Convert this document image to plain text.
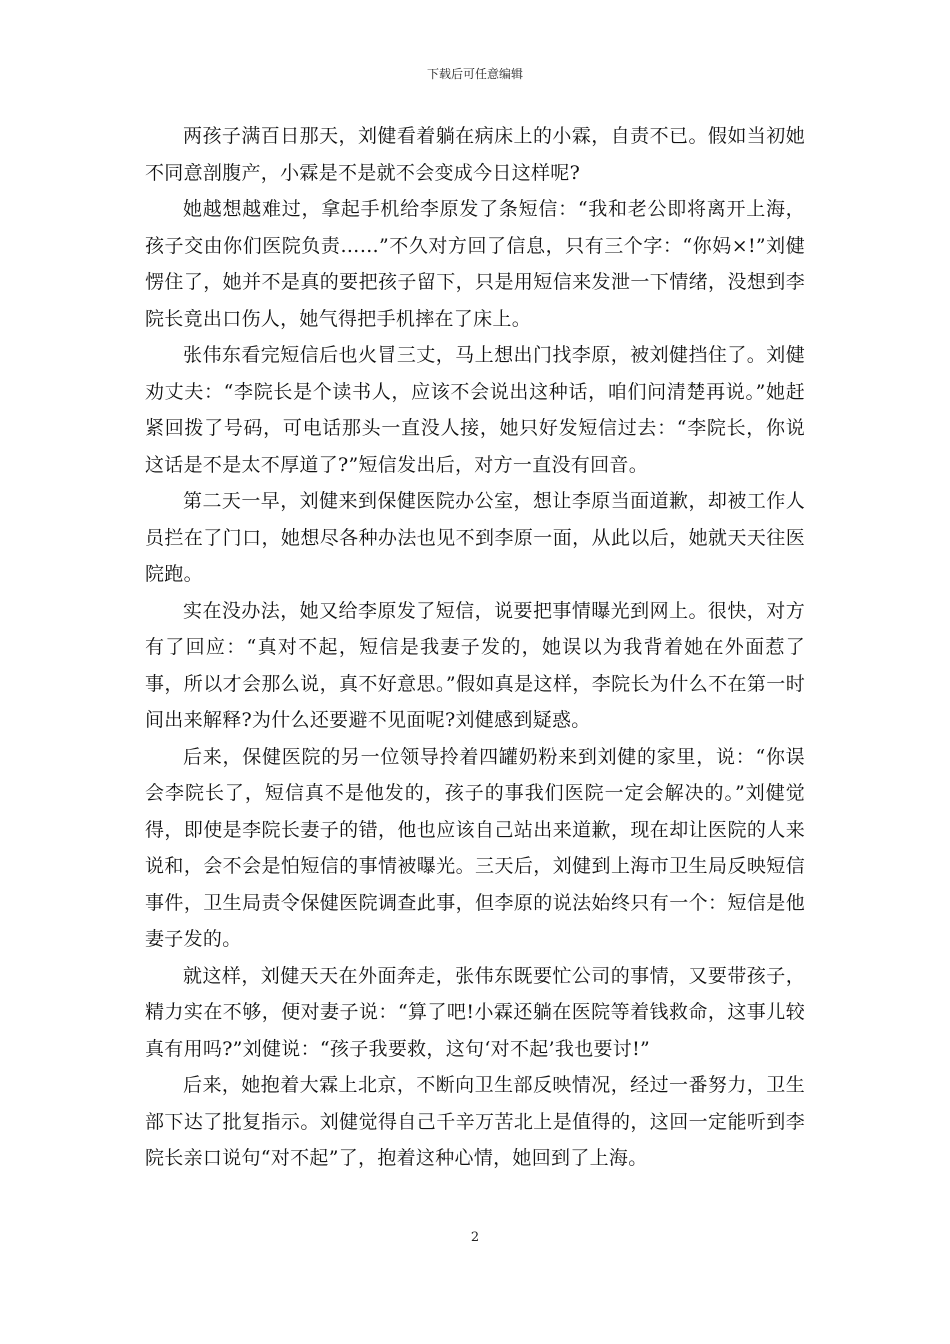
下载后可任意编辑

两孩子满百日那天，刘健看着躺在病床上的小霖，自责不已。假如当初她不同意剖腹产，小霖是不是就不会变成今日这样呢?

她越想越难过，拿起手机给李原发了条短信：“我和老公即将离开上海，孩子交由你们医院负责……”不久对方回了信息，只有三个字：“你妈×!”刘健愣住了，她并不是真的要把孩子留下，只是用短信来发泄一下情绪，没想到李院长竟出口伤人，她气得把手机摔在了床上。

张伟东看完短信后也火冒三丈，马上想出门找李原，被刘健挡住了。刘健劝丈夫：“李院长是个读书人，应该不会说出这种话，咱们问清楚再说。”她赶紧回拨了号码，可电话那头一直没人接，她只好发短信过去：“李院长，你说这话是不是太不厚道了?”短信发出后，对方一直没有回音。

第二天一早，刘健来到保健医院办公室，想让李原当面道歉，却被工作人员拦在了门口，她想尽各种办法也见不到李原一面，从此以后，她就天天往医院跑。

实在没办法，她又给李原发了短信，说要把事情曝光到网上。很快，对方有了回应：“真对不起，短信是我妻子发的，她误以为我背着她在外面惹了事，所以才会那么说，真不好意思。”假如真是这样，李院长为什么不在第一时间出来解释?为什么还要避不见面呢?刘健感到疑惑。

后来，保健医院的另一位领导拎着四罐奶粉来到刘健的家里，说：“你误会李院长了，短信真不是他发的，孩子的事我们医院一定会解决的。”刘健觉得，即使是李院长妻子的错，他也应该自己站出来道歉，现在却让医院的人来说和，会不会是怕短信的事情被曝光。三天后，刘健到上海市卫生局反映短信事件，卫生局责令保健医院调查此事，但李原的说法始终只有一个：短信是他妻子发的。

就这样，刘健天天在外面奔走，张伟东既要忙公司的事情，又要带孩子，精力实在不够，便对妻子说：“算了吧!小霖还躺在医院等着钱救命，这事儿较真有用吗?”刘健说：“孩子我要救，这句‘对不起’我也要讨!”

后来，她抱着大霖上北京，不断向卫生部反映情况，经过一番努力，卫生部下达了批复指示。刘健觉得自己千辛万苦北上是值得的，这回一定能听到李院长亲口说句“对不起”了，抱着这种心情，她回到了上海。

2
